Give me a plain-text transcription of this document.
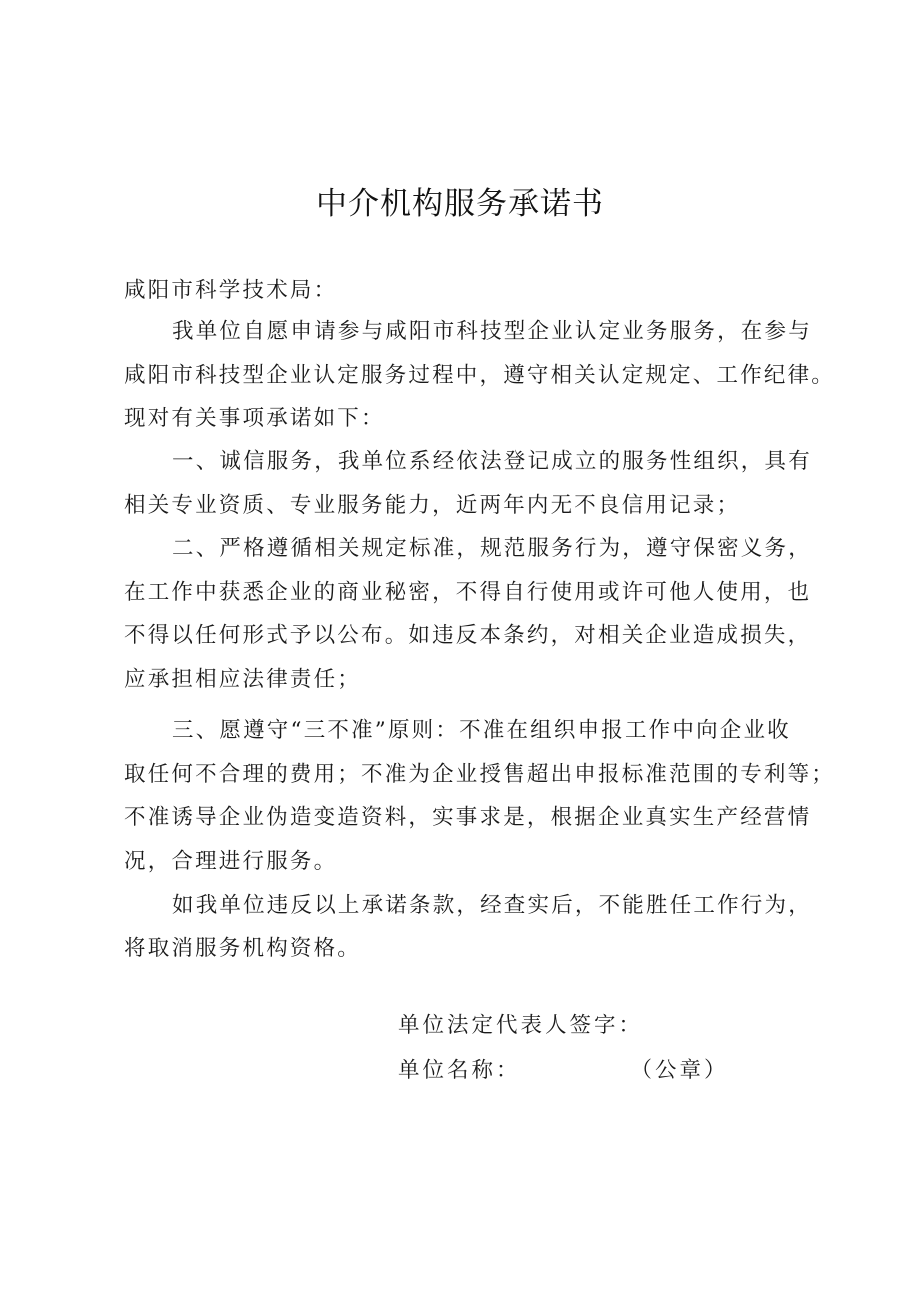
中介机构服务承诺书
咸阳市科学技术局：
我单位自愿申请参与咸阳市科技型企业认定业务服务，在参与
咸阳市科技型企业认定服务过程中，遵守相关认定规定、工作纪律。
现对有关事项承诺如下：
一、诚信服务，我单位系经依法登记成立的服务性组织，具有
相关专业资质、专业服务能力，近两年内无不良信用记录；
二、严格遵循相关规定标准，规范服务行为，遵守保密义务，
在工作中获悉企业的商业秘密，不得自行使用或许可他人使用，也
不得以任何形式予以公布。如违反本条约，对相关企业造成损失，
应承担相应法律责任；
三、愿遵守“三不准”原则：不准在组织申报工作中向企业收
取任何不合理的费用；不准为企业授售超出申报标准范围的专利等；
不准诱导企业伪造变造资料，实事求是，根据企业真实生产经营情
况，合理进行服务。
如我单位违反以上承诺条款，经查实后，不能胜任工作行为，
将取消服务机构资格。
单位法定代表人签字：
单位名称：	（公章）
